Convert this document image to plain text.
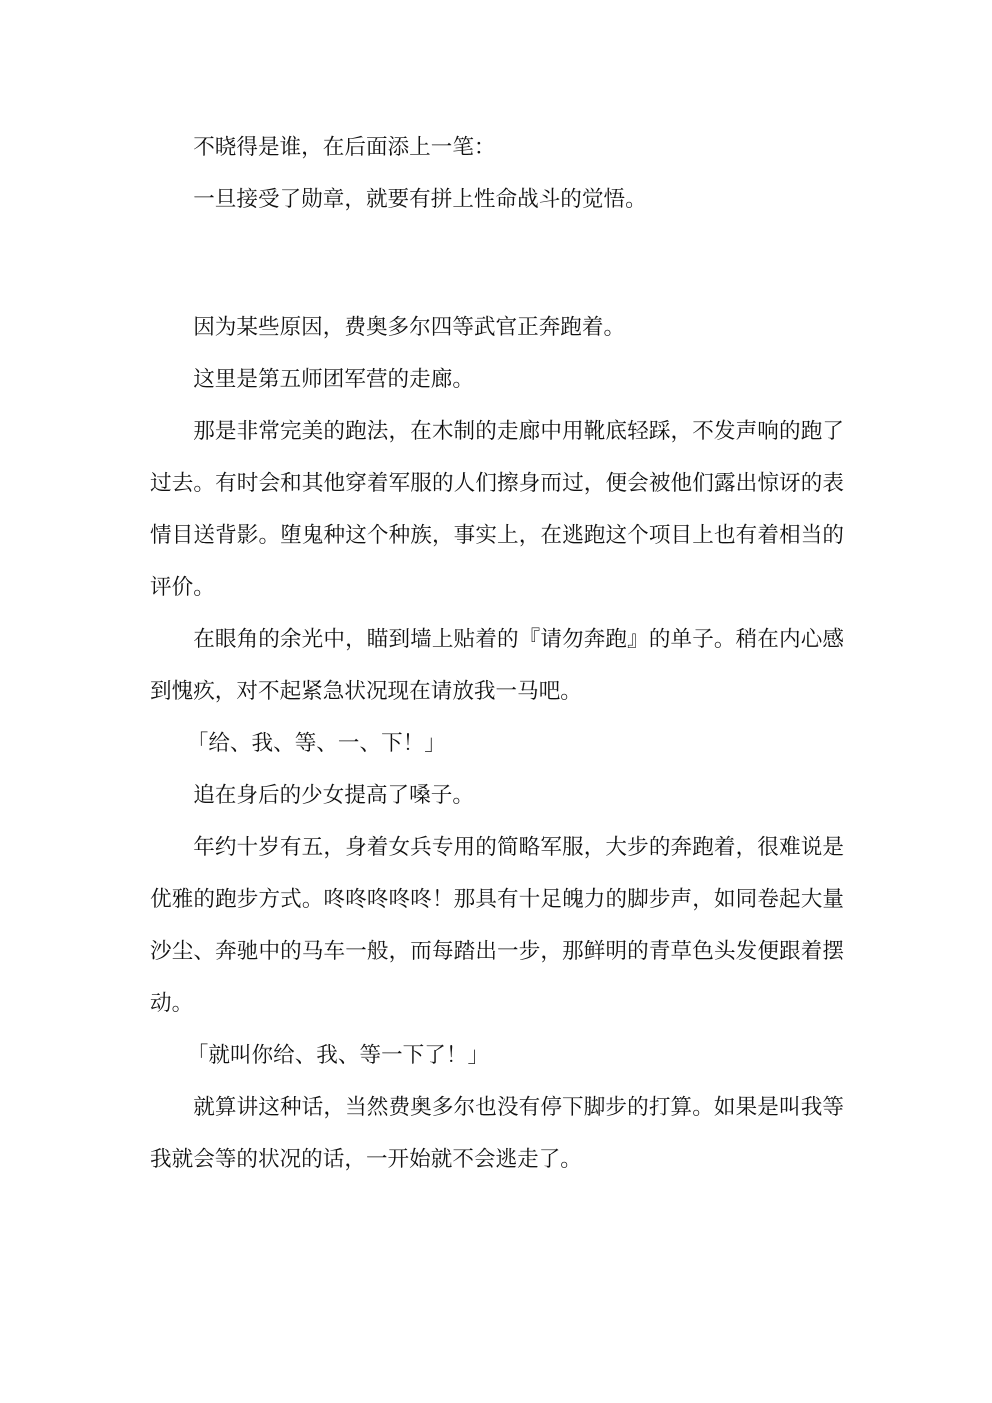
不晓得是谁，在后面添上一笔：

一旦接受了勋章，就要有拼上性命战斗的觉悟。

因为某些原因，费奥多尔四等武官正奔跑着。

这里是第五师团军营的走廊。

那是非常完美的跑法，在木制的走廊中用靴底轻踩，不发声响的跑了过去。有时会和其他穿着军服的人们擦身而过，便会被他们露出惊讶的表情目送背影。堕鬼种这个种族，事实上，在逃跑这个项目上也有着相当的评价。

在眼角的余光中，瞄到墙上贴着的『请勿奔跑』的单子。稍在内心感到愧疚，对不起紧急状况现在请放我一马吧。

「给、我、等、一、下！」

追在身后的少女提高了嗓子。

年约十岁有五，身着女兵专用的简略军服，大步的奔跑着，很难说是优雅的跑步方式。咚咚咚咚咚！那具有十足魄力的脚步声，如同卷起大量沙尘、奔驰中的马车一般，而每踏出一步，那鲜明的青草色头发便跟着摆动。

「就叫你给、我、等一下了！」

就算讲这种话，当然费奥多尔也没有停下脚步的打算。如果是叫我等我就会等的状况的话，一开始就不会逃走了。
